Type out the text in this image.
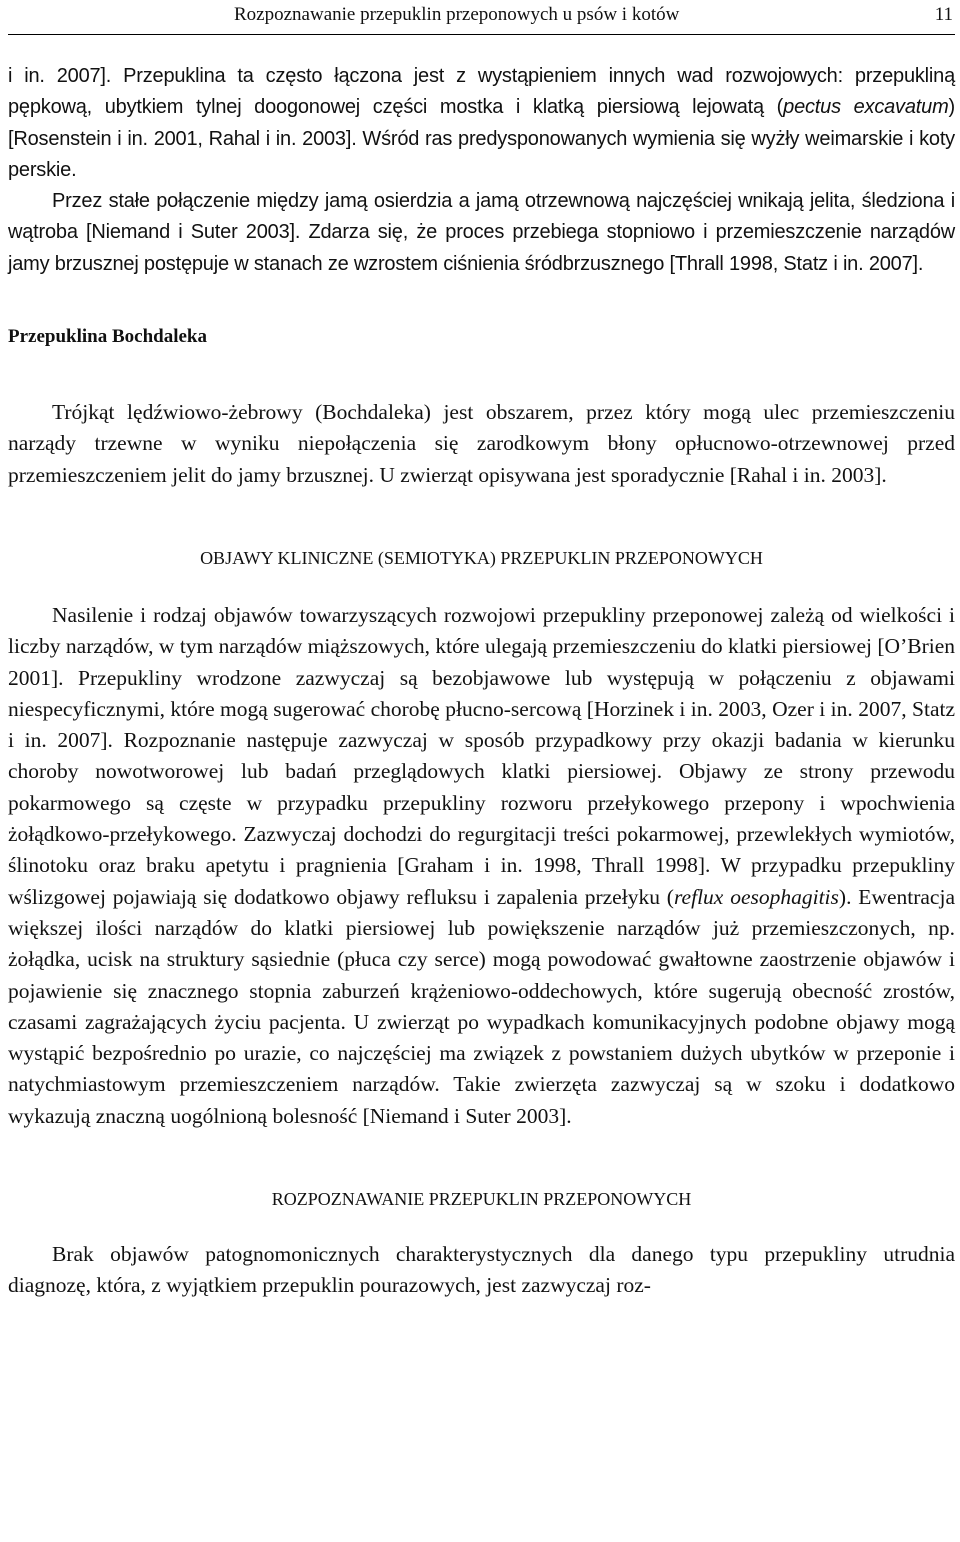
Rozpoznawanie przepuklin przeponowych u psów i kotów	11

i in. 2007]. Przepuklina ta często łączona jest z wystąpieniem innych wad rozwojowych: przepukliną pępkową, ubytkiem tylnej doogonowej części mostka i klatką piersiową lejowatą (pectus excavatum) [Rosenstein i in. 2001, Rahal i in. 2003]. Wśród ras predysponowanych wymienia się wyżły weimarskie i koty perskie.

Przez stałe połączenie między jamą osierdzia a jamą otrzewnową najczęściej wnikają jelita, śledziona i wątroba [Niemand i Suter 2003]. Zdarza się, że proces przebiega stopniowo i przemieszczenie narządów jamy brzusznej postępuje w stanach ze wzrostem ciśnienia śródbrzusznego [Thrall 1998, Statz i in. 2007].

Przepuklina Bochdaleka

Trójkąt lędźwiowo-żebrowy (Bochdaleka) jest obszarem, przez który mogą ulec przemieszczeniu narządy trzewne w wyniku niepołączenia się zarodkowym błony opłucnowo-otrzewnowej przed przemieszczeniem jelit do jamy brzusznej. U zwierząt opisywana jest sporadycznie [Rahal i in. 2003].

OBJAWY KLINICZNE (SEMIOTYKA) PRZEPUKLIN PRZEPONOWYCH

Nasilenie i rodzaj objawów towarzyszących rozwojowi przepukliny przeponowej zależą od wielkości i liczby narządów, w tym narządów miąższowych, które ulegają przemieszczeniu do klatki piersiowej [O’Brien 2001]. Przepukliny wrodzone zazwyczaj są bezobjawowe lub występują w połączeniu z objawami niespecyficznymi, które mogą sugerować chorobę płucno-sercową [Horzinek i in. 2003, Ozer i in. 2007, Statz i in. 2007]. Rozpoznanie następuje zazwyczaj w sposób przypadkowy przy okazji badania w kierunku choroby nowotworowej lub badań przeglądowych klatki piersiowej. Objawy ze strony przewodu pokarmowego są częste w przypadku przepukliny rozworu przełykowego przepony i wpochwienia żołądkowo-przełykowego. Zazwyczaj dochodzi do regurgitacji treści pokarmowej, przewlekłych wymiotów, ślinotoku oraz braku apetytu i pragnienia [Graham i in. 1998, Thrall 1998]. W przypadku przepukliny wślizgowej pojawiają się dodatkowo objawy refluksu i zapalenia przełyku (reflux oesophagitis). Ewentracja większej ilości narządów do klatki piersiowej lub powiększenie narządów już przemieszczonych, np. żołądka, ucisk na struktury sąsiednie (płuca czy serce) mogą powodować gwałtowne zaostrzenie objawów i pojawienie się znacznego stopnia zaburzeń krążeniowo-oddechowych, które sugerują obecność zrostów, czasami zagrażających życiu pacjenta. U zwierząt po wypadkach komunikacyjnych podobne objawy mogą wystąpić bezpośrednio po urazie, co najczęściej ma związek z powstaniem dużych ubytków w przeponie i natychmiastowym przemieszczeniem narządów. Takie zwierzęta zazwyczaj są w szoku i dodatkowo wykazują znaczną uogólnioną bolesność [Niemand i Suter 2003].

ROZPOZNAWANIE PRZEPUKLIN PRZEPONOWYCH

Brak objawów patognomonicznych charakterystycznych dla danego typu przepukliny utrudnia diagnozę, która, z wyjątkiem przepuklin pourazowych, jest zazwyczaj roz-
